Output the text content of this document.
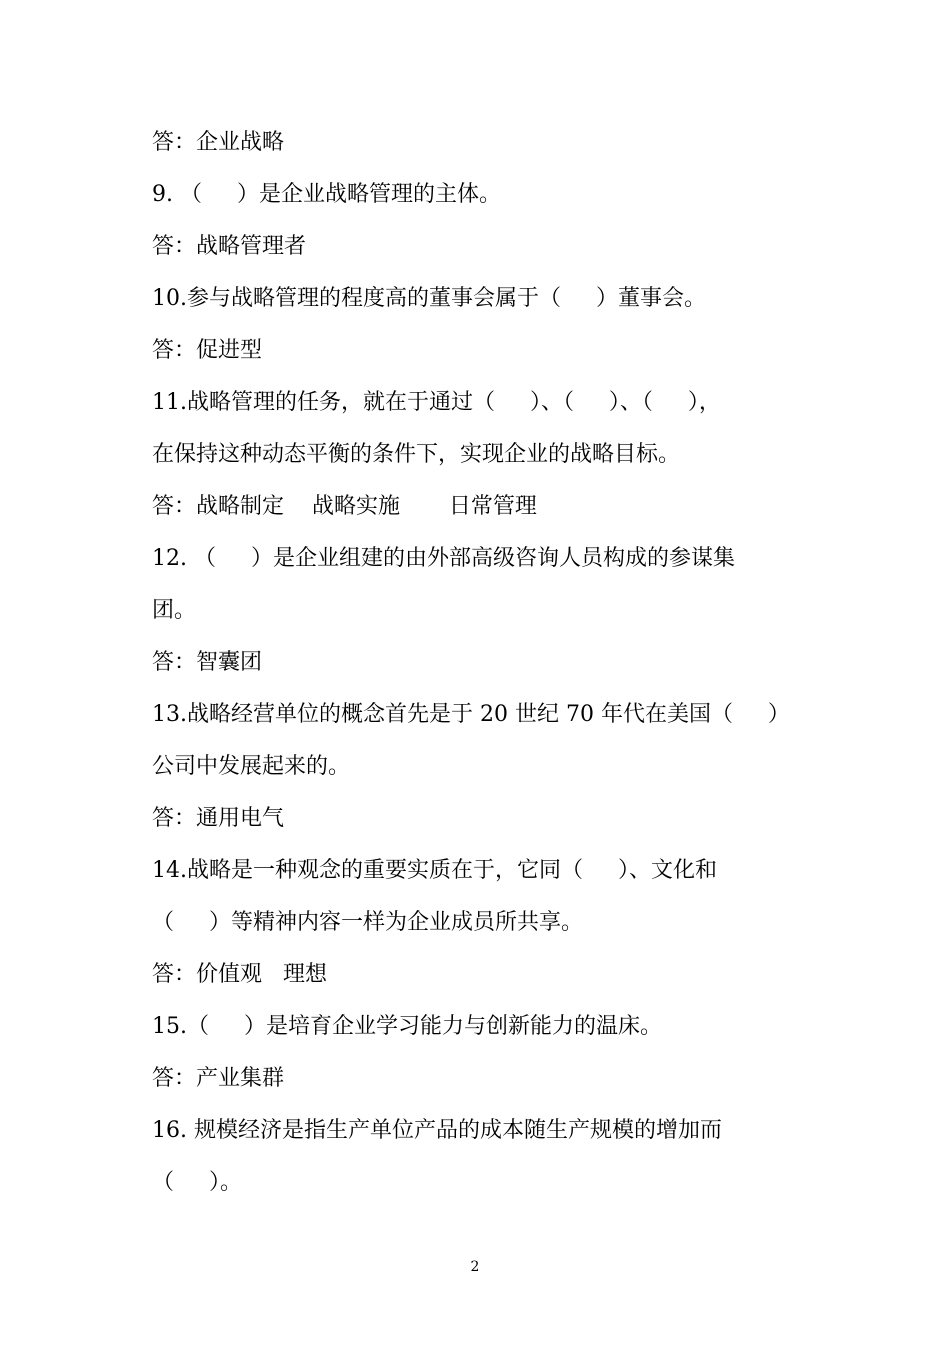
答：企业战略
9. （     ）是企业战略管理的主体。
答：战略管理者
10.参与战略管理的程度高的董事会属于（     ）董事会。
答：促进型
11.战略管理的任务，就在于通过（     ）、（     ）、（     ），
在保持这种动态平衡的条件下，实现企业的战略目标。
答：战略制定    战略实施       日常管理
12. （     ）是企业组建的由外部高级咨询人员构成的参谋集
团。
答：智囊团
13.战略经营单位的概念首先是于 20 世纪 70 年代在美国（     ）
公司中发展起来的。
答：通用电气
14.战略是一种观念的重要实质在于，它同（     ）、文化和
（     ）等精神内容一样为企业成员所共享。
答：价值观   理想
15.（     ）是培育企业学习能力与创新能力的温床。
答：产业集群
16. 规模经济是指生产单位产品的成本随生产规模的增加而
（     ）。
2
